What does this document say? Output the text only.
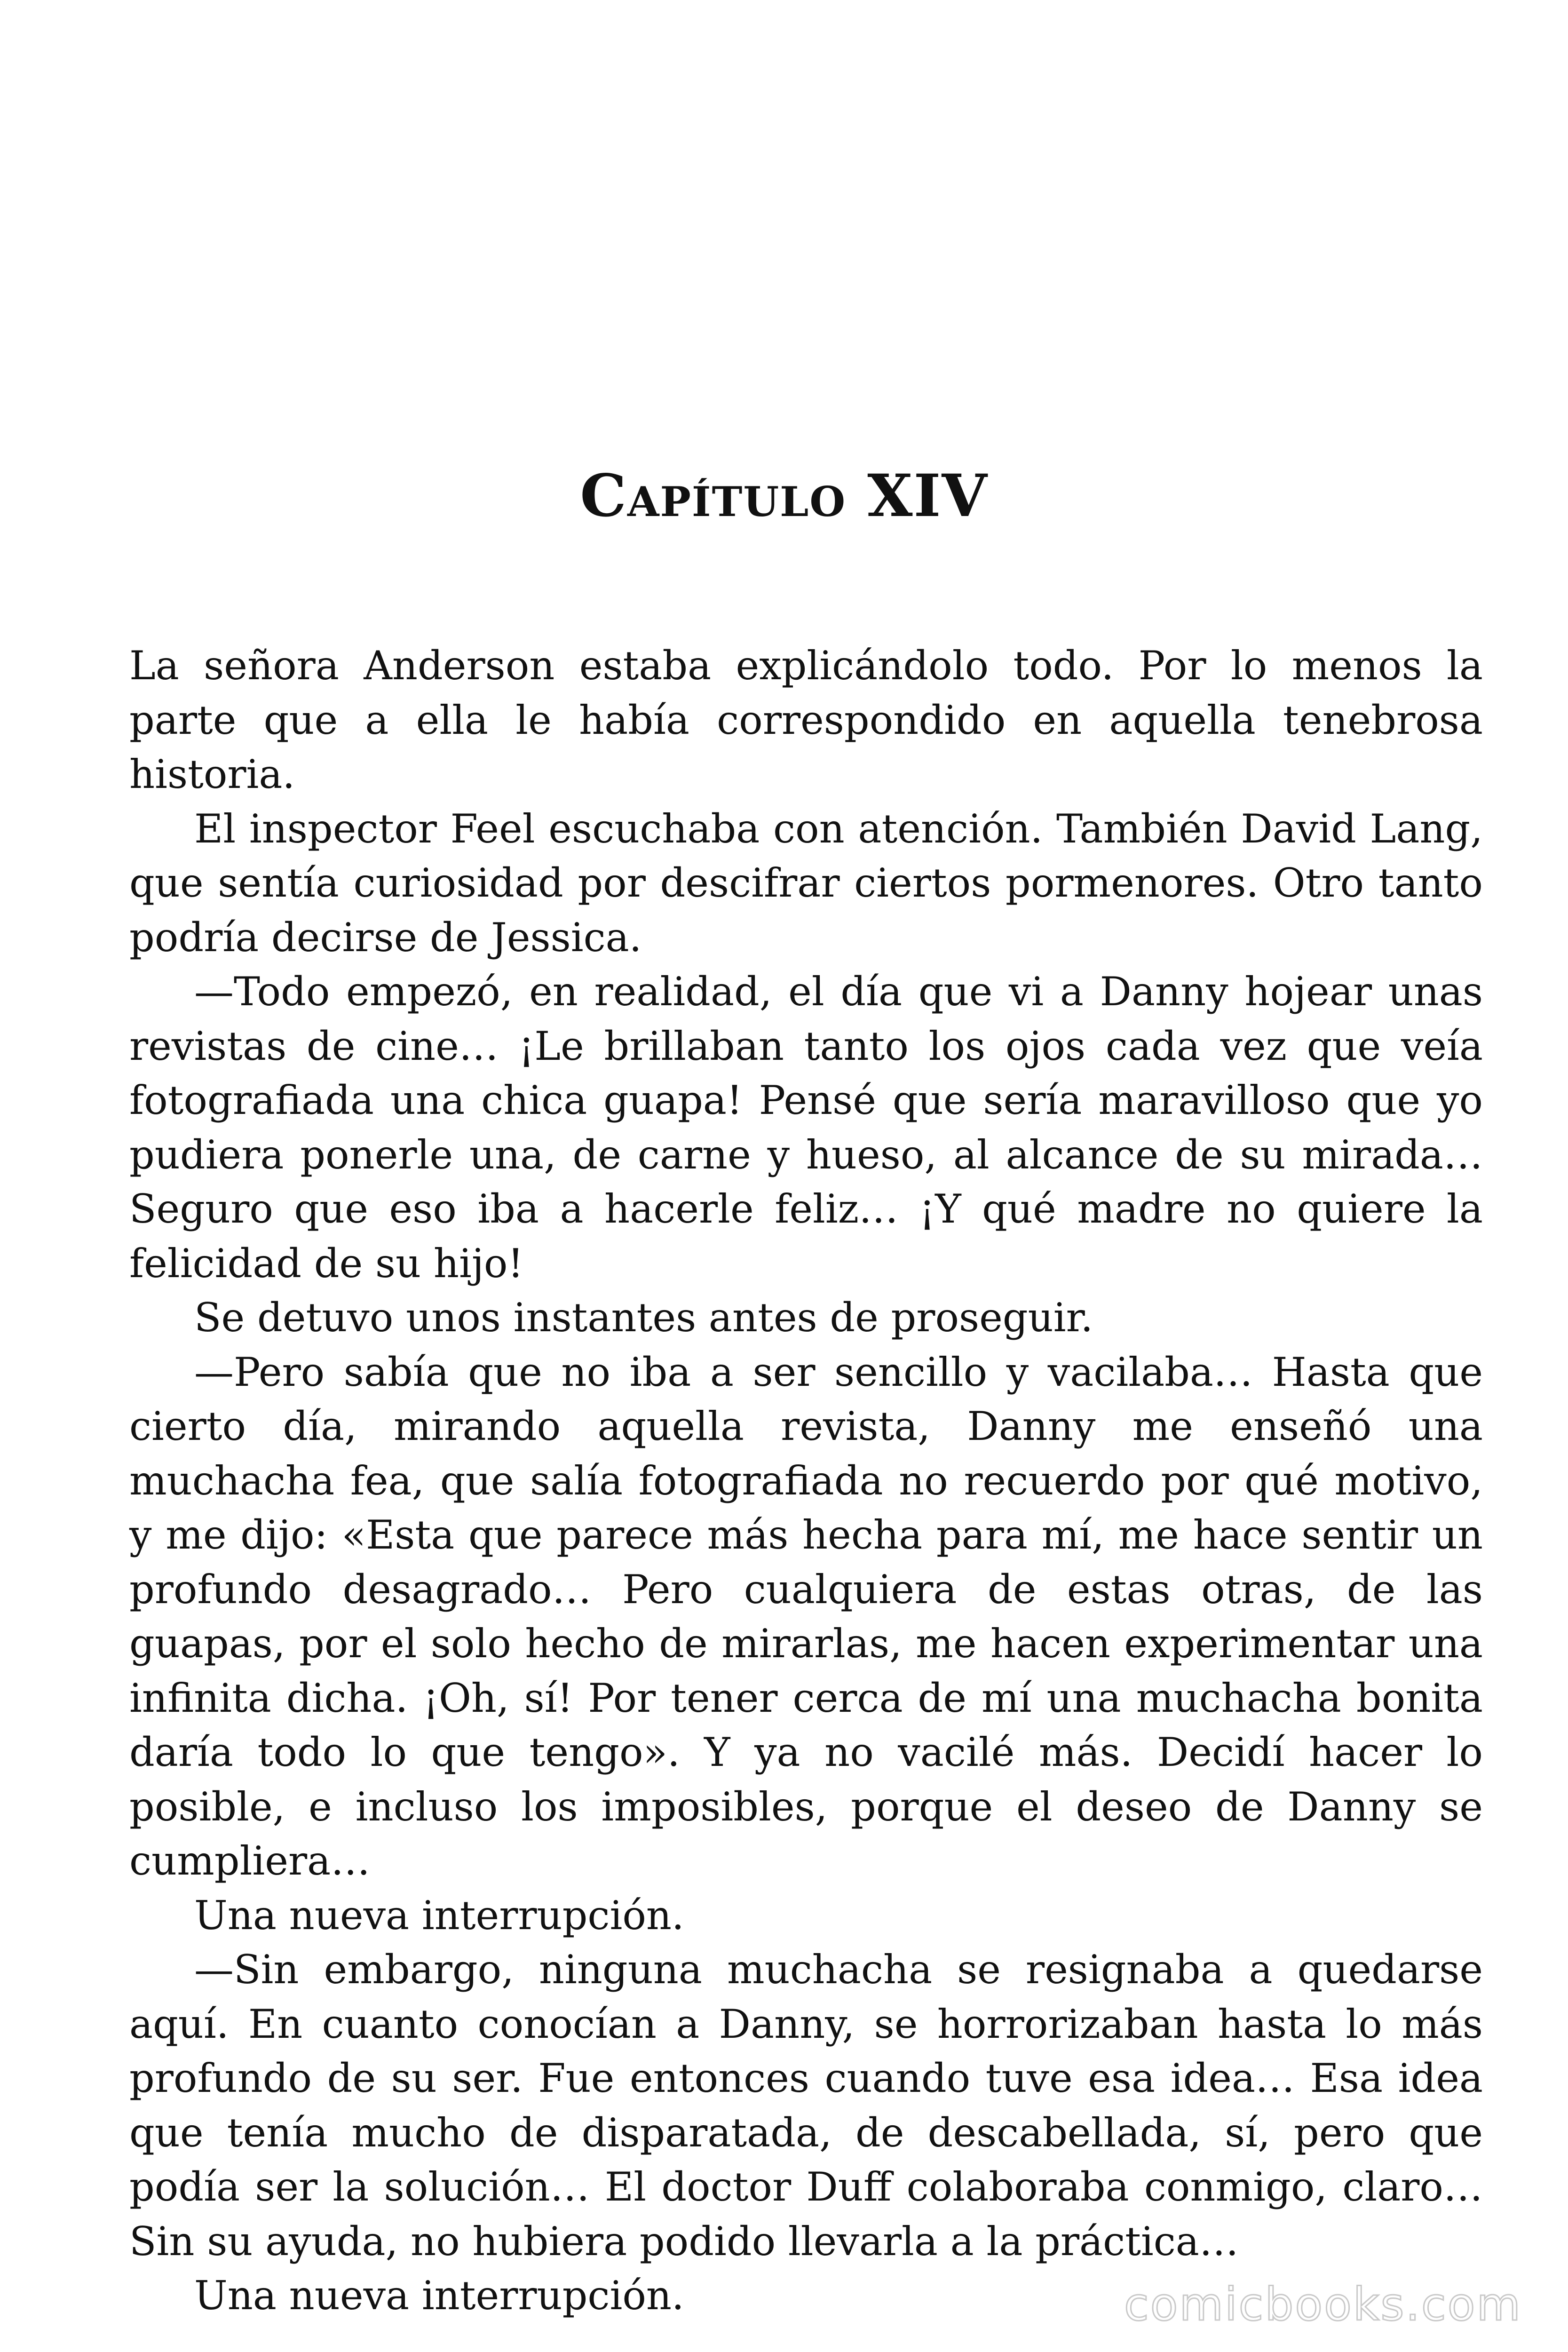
Capítulo XIV

La señora Anderson estaba explicándolo todo. Por lo menos la parte que a ella le había correspondido en aquella tenebrosa historia.

El inspector Feel escuchaba con atención. También David Lang, que sentía curiosidad por descifrar ciertos pormenores. Otro tanto podría decirse de Jessica.

—Todo empezó, en realidad, el día que vi a Danny hojear unas revistas de cine… ¡Le brillaban tanto los ojos cada vez que veía fotografiada una chica guapa! Pensé que sería maravilloso que yo pudiera ponerle una, de carne y hueso, al alcance de su mirada… Seguro que eso iba a hacerle feliz… ¡Y qué madre no quiere la felicidad de su hijo!

Se detuvo unos instantes antes de proseguir.

—Pero sabía que no iba a ser sencillo y vacilaba… Hasta que cierto día, mirando aquella revista, Danny me enseñó una muchacha fea, que salía fotografiada no recuerdo por qué motivo, y me dijo: «Esta que parece más hecha para mí, me hace sentir un profundo desagrado… Pero cualquiera de estas otras, de las guapas, por el solo hecho de mirarlas, me hacen experimentar una infinita dicha. ¡Oh, sí! Por tener cerca de mí una muchacha bonita daría todo lo que tengo». Y ya no vacilé más. Decidí hacer lo posible, e incluso los imposibles, porque el deseo de Danny se cumpliera…

Una nueva interrupción.

—Sin embargo, ninguna muchacha se resignaba a quedarse aquí. En cuanto conocían a Danny, se horrorizaban hasta lo más profundo de su ser. Fue entonces cuando tuve esa idea… Esa idea que tenía mucho de disparatada, de descabellada, sí, pero que podía ser la solución… El doctor Duff colaboraba conmigo, claro… Sin su ayuda, no hubiera podido llevarla a la práctica…

Una nueva interrupción.	comicbooks.com
